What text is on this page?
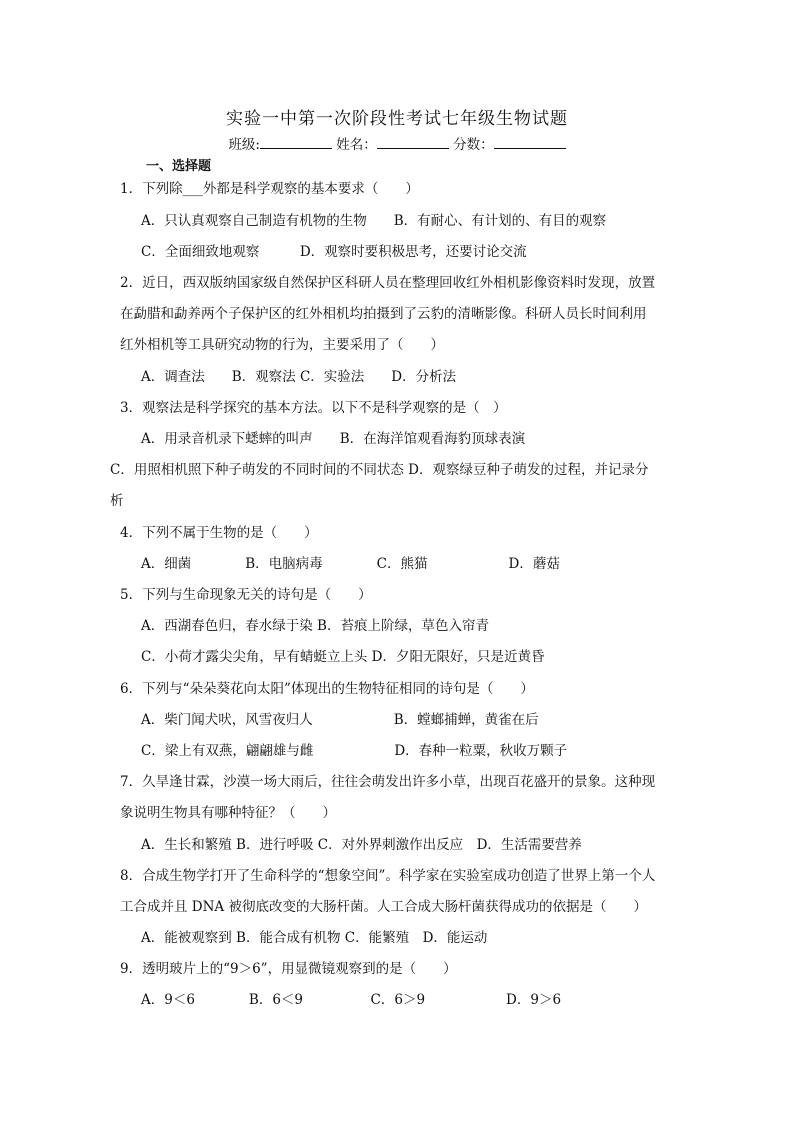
实验一中第一次阶段性考试七年级生物试题
班级:	姓名：	分数：
一、选择题
1．下列除___外都是科学观察的基本要求（　　）
A．只认真观察自己制造有机物的生物　　B．有耐心、有计划的、有目的观察
C．全面细致地观察　　　D．观察时要积极思考，还要讨论交流
2．近日，西双版纳国家级自然保护区科研人员在整理回收红外相机影像资料时发现，放置
在勐腊和勐养两个子保护区的红外相机均拍摄到了云豹的清晰影像。科研人员长时间利用
红外相机等工具研究动物的行为，主要采用了（　　）
A．调查法　　B．观察法 C．实验法　　D．分析法
3．观察法是科学探究的基本方法。以下不是科学观察的是（　）
A．用录音机录下蟋蟀的叫声　　B．在海洋馆观看海豹顶球表演
C．用照相机照下种子萌发的不同时间的不同状态 D．观察绿豆种子萌发的过程，并记录分
析
4．下列不属于生物的是（　　）
A．细菌　　　　B．电脑病毒　　　　C．熊猫　　　　　　D．蘑菇
5．下列与生命现象无关的诗句是（　　）
A．西湖春色归，春水绿于染 B．苔痕上阶绿，草色入帘青
C．小荷才露尖尖角，早有蜻蜓立上头 D．夕阳无限好，只是近黄昏
6．下列与“朵朵葵花向太阳”体现出的生物特征相同的诗句是（　　）
A．柴门闻犬吠，风雪夜归人　　　　　　B．螳螂捕蝉，黄雀在后
C．梁上有双燕，翩翩雄与雌　　　　　　D．春种一粒粟，秋收万颗子
7．久旱逢甘霖，沙漠一场大雨后，往往会萌发出许多小草，出现百花盛开的景象。这种现
象说明生物具有哪种特征？（　　）
A．生长和繁殖 B．进行呼吸 C．对外界刺激作出反应　D．生活需要营养
8．合成生物学打开了生命科学的“想象空间”。科学家在实验室成功创造了世界上第一个人
工合成并且 DNA 被彻底改变的大肠杆菌。人工合成大肠杆菌获得成功的依据是（　　）
A．能被观察到 B．能合成有机物 C．能繁殖　D．能运动
9．透明玻片上的“9＞6”，用显微镜观察到的是（　　）
A．9＜6　　　　B．6＜9　　　　　C．6＞9　　　　　　D．9＞6
